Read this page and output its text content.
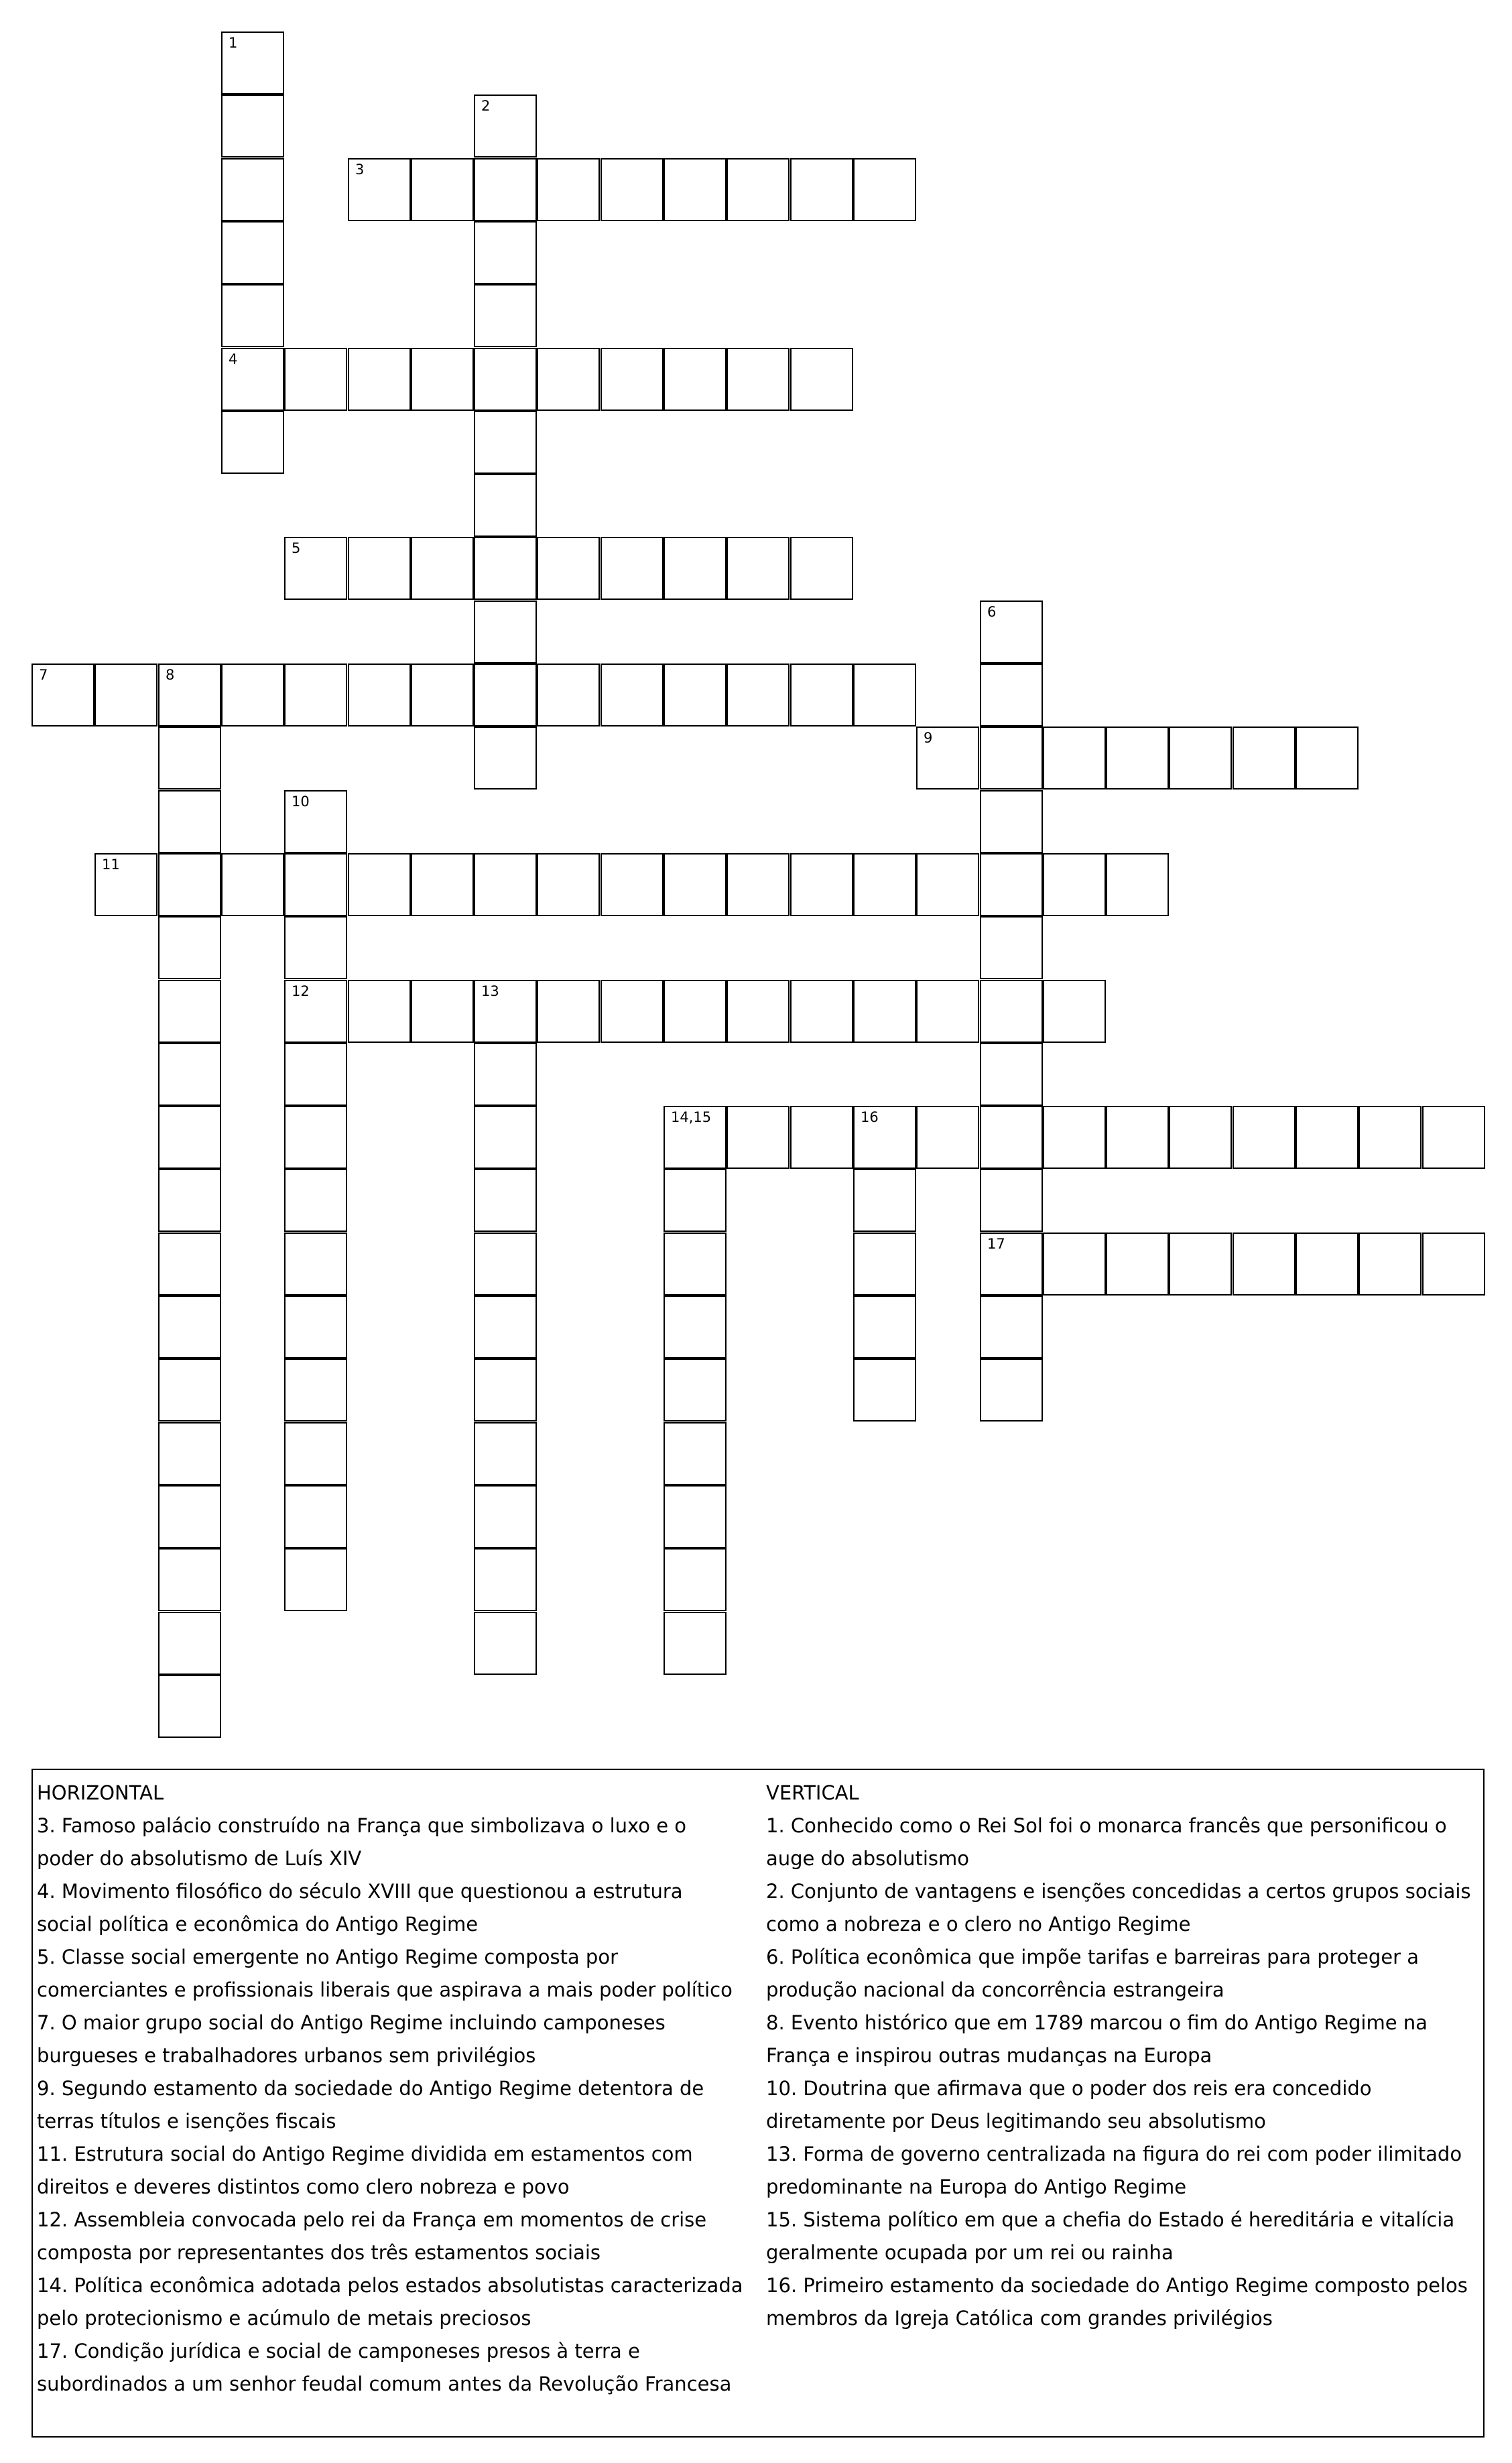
1
4
2
3
5
6
17
7	8
9
10
12
11
13
14,15	16
HORIZONTAL
3. Famoso palácio construído na França que simbolizava o luxo e o poder do absolutismo de Luís XIV
4. Movimento filosófico do século XVIII que questionou a estrutura social política e econômica do Antigo Regime
5. Classe social emergente no Antigo Regime composta por comerciantes e profissionais liberais que aspirava a mais poder político
7. O maior grupo social do Antigo Regime incluindo camponeses burgueses e trabalhadores urbanos sem privilégios
9. Segundo estamento da sociedade do Antigo Regime detentora de terras títulos e isenções fiscais
11. Estrutura social do Antigo Regime dividida em estamentos com direitos e deveres distintos como clero nobreza e povo
12. Assembleia convocada pelo rei da França em momentos de crise composta por representantes dos três estamentos sociais
14. Política econômica adotada pelos estados absolutistas caracterizada pelo protecionismo e acúmulo de metais preciosos
17. Condição jurídica e social de camponeses presos à terra e subordinados a um senhor feudal comum antes da Revolução Francesa
VERTICAL
1. Conhecido como o Rei Sol foi o monarca francês que personificou o auge do absolutismo
2. Conjunto de vantagens e isenções concedidas a certos grupos sociais como a nobreza e o clero no Antigo Regime
6. Política econômica que impõe tarifas e barreiras para proteger a produção nacional da concorrência estrangeira
8. Evento histórico que em 1789 marcou o fim do Antigo Regime na França e inspirou outras mudanças na Europa
10. Doutrina que afirmava que o poder dos reis era concedido diretamente por Deus legitimando seu absolutismo
13. Forma de governo centralizada na figura do rei com poder ilimitado predominante na Europa do Antigo Regime
15. Sistema político em que a chefia do Estado é hereditária e vitalícia geralmente ocupada por um rei ou rainha
16. Primeiro estamento da sociedade do Antigo Regime composto pelos membros da Igreja Católica com grandes privilégios
